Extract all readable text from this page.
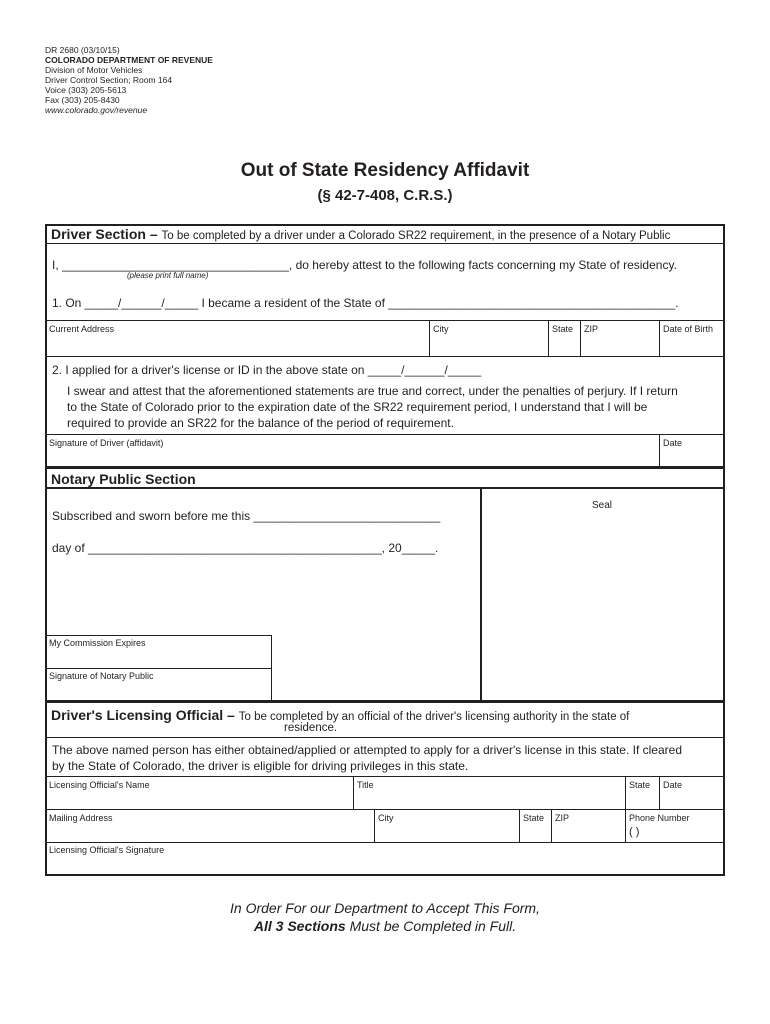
DR 2680 (03/10/15)
COLORADO DEPARTMENT OF REVENUE
Division of Motor Vehicles
Driver Control Section; Room 164
Voice (303) 205-5613
Fax (303) 205-8430
www.colorado.gov/revenue
Out of State Residency Affidavit
(§ 42-7-408, C.R.S.)
Driver Section – To be completed by a driver under a Colorado SR22 requirement, in the presence of a Notary Public
I, __________________________________, do hereby attest to the following facts concerning my State of residency.
(please print full name)
1. On _____/______/_____ I became a resident of the State of ___________________________________________.
Current Address	City	State ZIP	Date of Birth
2. I applied for a driver's license or ID in the above state on _____/______/_____
I swear and attest that the aforementioned statements are true and correct, under the penalties of perjury. If I return
to the State of Colorado prior to the expiration date of the SR22 requirement period, I understand that I will be
required to provide an SR22 for the balance of the period of requirement.
Signature of Driver (affidavit)	Date
Notary Public Section
Seal
Subscribed and sworn before me this ____________________________
day of ____________________________________________, 20_____.
My Commission Expires
Signature of Notary Public
Driver's Licensing Official – To be completed by an official of the driver's licensing authority in the state of
residence.
The above named person has either obtained/applied or attempted to apply for a driver's license in this state. If cleared
by the State of Colorado, the driver is eligible for driving privileges in this state.
Licensing Official's Name	Title	State Date
Mailing Address	City	State ZIP	Phone Number
( )
Licensing Official's Signature
In Order For our Department to Accept This Form,
All 3 Sections Must be Completed in Full.
